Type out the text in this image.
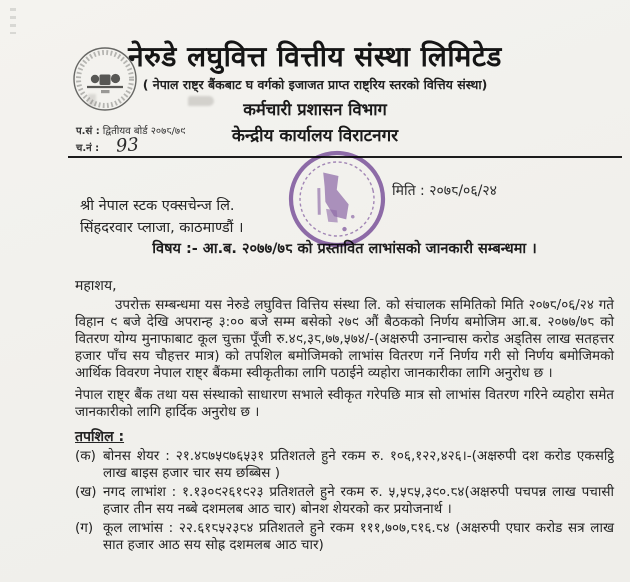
नेरुडे लघुवित्त वित्तीय संस्था लिमिटेड
( नेपाल राष्ट्र बैंकबाट घ वर्गको इजाजत प्राप्त राष्ट्रिय स्तरको वित्तिय संस्था)
कर्मचारी प्रशासन विभाग
केन्द्रीय कार्यालय विराटनगर
प.सं : द्वितीयव बोर्ड २०७८/७९
च.नं : 93
मिति : २०७८/०६/२४
श्री नेपाल स्टक एक्सचेन्ज लि.
सिंहदरवार प्लाजा, काठमाण्डौं ।
विषय :- आ.ब. २०७७/७८ को प्रस्तावित लाभांसको जानकारी सम्बन्धमा ।
महाशय,

उपरोक्त सम्बन्धमा यस नेरुडे लघुवित्त वित्तिय संस्था लि. को संचालक समितिको मिति २०७८/०६/२४ गते विहान ९ बजे देखि अपरान्ह ३:०० बजे सम्म बसेको २७९ औं बैठकको निर्णय बमोजिम आ.ब. २०७७/७८ को वितरण योग्य मुनाफाबाट कूल चुक्ता पूँजी रु.४९,३८,७७,५७४/-(अक्षरुपी उनान्चास करोड अड्तिस लाख सतहत्तर हजार पाँच सय चौहत्तर मात्र) को तपशिल बमोजिमको लाभांस वितरण गर्ने निर्णय गरी सो निर्णय बमोजिमको आर्थिक विवरण नेपाल राष्ट्र बैंकमा स्वीकृतीका लागि पठाईने व्यहोरा जानकारीका लागि अनुरोध छ ।

नेपाल राष्ट्र बैंक तथा यस संस्थाको साधारण सभाले स्वीकृत गरेपछि मात्र सो लाभांस वितरण गरिने व्यहोरा समेत जानकारीको लागि हार्दिक अनुरोध छ ।

तपशिल :
(क) बोनस शेयर : २१.४८७५९७६५३१ प्रतिशतले हुने रकम रु. १०६,१२२,४२६।-(अक्षरुपी दश करोड एकसट्ठि लाख बाइस हजार चार सय छब्बिस )
(ख) नगद लाभांश : १.१३०९२६१९२३ प्रतिशतले हुने रकम रु. ५,५८५,३९०.८४(अक्षरुपी पचपन्न लाख पचासी हजार तीन सय नब्बे दशमलब आठ चार) बोनश शेयरको कर प्रयोजनार्थ ।
(ग) कूल लाभांस : २२.६१८५२३८४ प्रतिशतले हुने रकम १११,७०७,८१६.८४ (अक्षरुपी एघार करोड सत्र लाख सात हजार आठ सय सोह्र दशमलब आठ चार)
